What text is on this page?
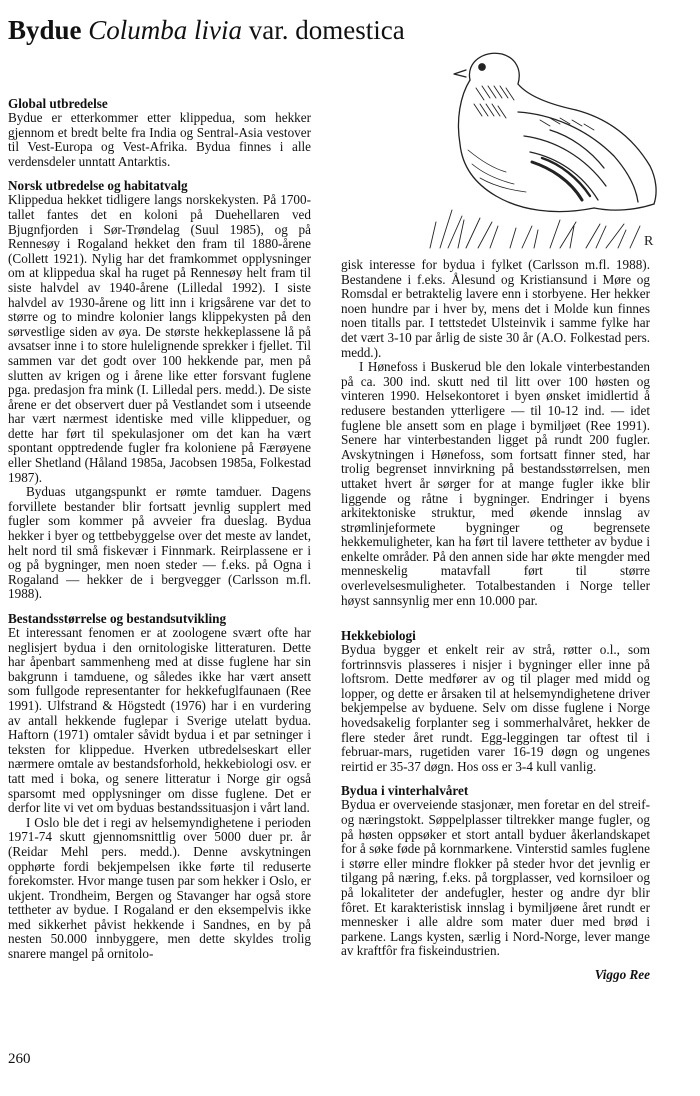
Bydue Columba livia var. domestica
R
Global utbredelse

Bydue er etterkommer etter klippedua, som hekker gjennom et bredt belte fra India og Sentral-Asia vestover til Vest-Europa og Vest-Afrika. Bydua finnes i alle verdensdeler unntatt Antarktis.

Norsk utbredelse og habitatvalg

Klippedua hekket tidligere langs norskekysten. På 1700-tallet fantes det en koloni på Duehellaren ved Bjugnfjorden i Sør-Trøndelag (Suul 1985), og på Rennesøy i Rogaland hekket den fram til 1880-årene (Collett 1921). Nylig har det framkommet opplysninger om at klippedua skal ha ruget på Rennesøy helt fram til siste halvdel av 1940-årene (Lilledal 1992). I siste halvdel av 1930-årene og litt inn i krigsårene var det to større og to mindre kolonier langs klippekysten på den sørvestlige siden av øya. De største hekkeplassene lå på avsatser inne i to store hulelignende sprekker i fjellet. Til sammen var det godt over 100 hekkende par, men på slutten av krigen og i årene like etter forsvant fuglene pga. predasjon fra mink (I. Lilledal pers. medd.). De siste årene er det observert duer på Vestlandet som i utseende har vært nærmest identiske med ville klippeduer, og dette har ført til spekulasjoner om det kan ha vært spontant opptredende fugler fra koloniene på Færøyene eller Shetland (Håland 1985a, Jacobsen 1985a, Folkestad 1987).

Byduas utgangspunkt er rømte tamduer. Dagens forvillete bestander blir fortsatt jevnlig supplert med fugler som kommer på avveier fra dueslag. Bydua hekker i byer og tettbebyggelse over det meste av landet, helt nord til små fiskevær i Finnmark. Reirplassene er i og på bygninger, men noen steder — f.eks. på Ogna i Rogaland — hekker de i bergvegger (Carlsson m.fl. 1988).

Bestandsstørrelse og bestandsutvikling

Et interessant fenomen er at zoologene svært ofte har neglisjert bydua i den ornitologiske litteraturen. Dette har åpenbart sammenheng med at disse fuglene har sin bakgrunn i tamduene, og således ikke har vært ansett som fullgode representanter for hekkefuglfaunaen (Ree 1991). Ulfstrand & Högstedt (1976) har i en vurdering av antall hekkende fuglepar i Sverige utelatt bydua. Haftorn (1971) omtaler såvidt bydua i et par setninger i teksten for klippedue. Hverken utbredelseskart eller nærmere omtale av bestandsforhold, hekkebiologi osv. er tatt med i boka, og senere litteratur i Norge gir også sparsomt med opplysninger om disse fuglene. Det er derfor lite vi vet om byduas bestandssituasjon i vårt land.

I Oslo ble det i regi av helsemyndighetene i perioden 1971-74 skutt gjennomsnittlig over 5000 duer pr. år (Reidar Mehl pers. medd.). Denne avskytningen opphørte fordi bekjempelsen ikke førte til reduserte forekomster. Hvor mange tusen par som hekker i Oslo, er ukjent. Trondheim, Bergen og Stavanger har også store tettheter av bydue. I Rogaland er den eksempelvis ikke med sikkerhet påvist hekkende i Sandnes, en by på nesten 50.000 innbyggere, men dette skyldes trolig snarere mangel på ornitolo-

gisk interesse for bydua i fylket (Carlsson m.fl. 1988). Bestandene i f.eks. Ålesund og Kristiansund i Møre og Romsdal er betraktelig lavere enn i storbyene. Her hekker noen hundre par i hver by, mens det i Molde kun finnes noen titalls par. I tettstedet Ulsteinvik i samme fylke har det vært 3-10 par årlig de siste 30 år (A.O. Folkestad pers. medd.).

I Hønefoss i Buskerud ble den lokale vinterbestanden på ca. 300 ind. skutt ned til litt over 100 høsten og vinteren 1990. Helsekontoret i byen ønsket imidlertid å redusere bestanden ytterligere — til 10-12 ind. — idet fuglene ble ansett som en plage i bymiljøet (Ree 1991). Senere har vinterbestanden ligget på rundt 200 fugler. Avskytningen i Hønefoss, som fortsatt finner sted, har trolig begrenset innvirkning på bestandsstørrelsen, men uttaket hvert år sørger for at mange fugler ikke blir liggende og råtne i bygninger. Endringer i byens arkitektoniske struktur, med økende innslag av strømlinjeformete bygninger og begrensete hekkemuligheter, kan ha ført til lavere tettheter av bydue i enkelte områder. På den annen side har økte mengder med menneskelig matavfall ført til større overlevelsesmuligheter. Totalbestanden i Norge teller høyst sannsynlig mer enn 10.000 par.

Hekkebiologi

Bydua bygger et enkelt reir av strå, røtter o.l., som fortrinnsvis plasseres i nisjer i bygninger eller inne på loftsrom. Dette medfører av og til plager med midd og lopper, og dette er årsaken til at helsemyndighetene driver bekjempelse av byduene. Selv om disse fuglene i Norge hovedsakelig forplanter seg i sommerhalvåret, hekker de flere steder året rundt. Egg-leggingen tar oftest til i februar-mars, rugetiden varer 16-19 døgn og ungenes reirtid er 35-37 døgn. Hos oss er 3-4 kull vanlig.

Bydua i vinterhalvåret

Bydua er overveiende stasjonær, men foretar en del streif- og næringstokt. Søppelplasser tiltrekker mange fugler, og på høsten oppsøker et stort antall byduer åkerlandskapet for å søke føde på kornmarkene. Vinterstid samles fuglene i større eller mindre flokker på steder hvor det jevnlig er tilgang på næring, f.eks. på torgplasser, ved kornsiloer og på lokaliteter der andefugler, hester og andre dyr blir fôret. Et karakteristisk innslag i bymiljøene året rundt er mennesker i alle aldre som mater duer med brød i parkene. Langs kysten, særlig i Nord-Norge, lever mange av kraftfôr fra fiskeindustrien.

Viggo Ree
260
